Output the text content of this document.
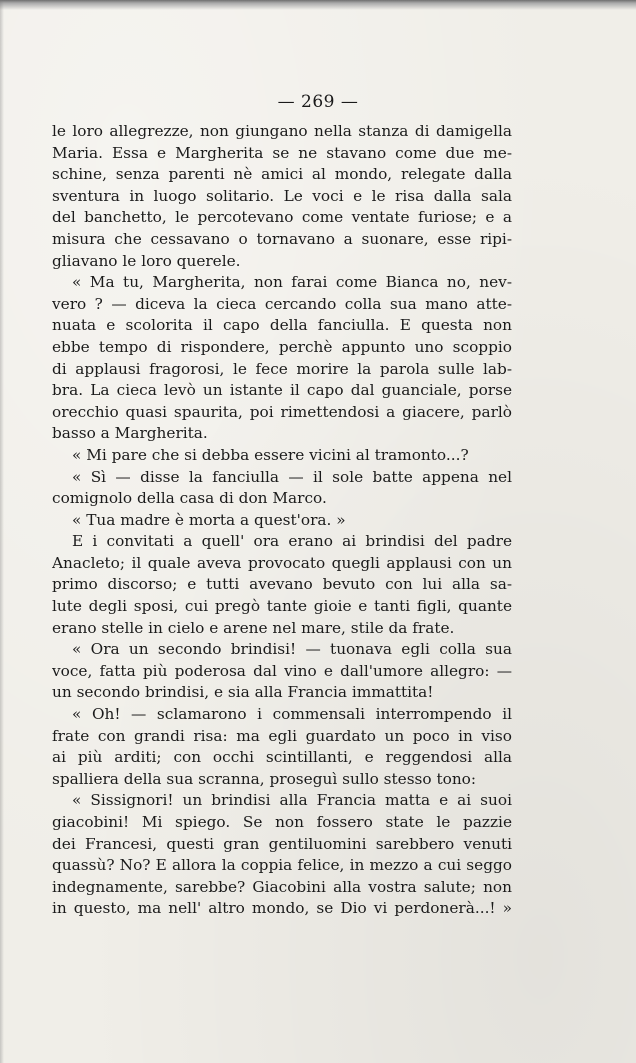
— 269 —
le loro allegrezze, non giungano nella stanza di damigella
Maria. Essa e Margherita se ne stavano come due me-
schine, senza parenti nè amici al mondo, relegate dalla
sventura in luogo solitario. Le voci e le risa dalla sala
del banchetto, le percotevano come ventate furiose; e a
misura che cessavano o tornavano a suonare, esse ripi-
gliavano le loro querele.
« Ma tu, Margherita, non farai come Bianca no, nev-
vero ? — diceva la cieca cercando colla sua mano atte-
nuata e scolorita il capo della fanciulla. E questa non
ebbe tempo di rispondere, perchè appunto uno scoppio
di applausi fragorosi, le fece morire la parola sulle lab-
bra. La cieca levò un istante il capo dal guanciale, porse
orecchio quasi spaurita, poi rimettendosi a giacere, parlò
basso a Margherita.
« Mi pare che si debba essere vicini al tramonto...?
« Sì — disse la fanciulla — il sole batte appena nel
comignolo della casa di don Marco.
« Tua madre è morta a quest'ora. »
E i convitati a quell' ora erano ai brindisi del padre
Anacleto; il quale aveva provocato quegli applausi con un
primo discorso; e tutti avevano bevuto con lui alla sa-
lute degli sposi, cui pregò tante gioie e tanti figli, quante
erano stelle in cielo e arene nel mare, stile da frate.
« Ora un secondo brindisi! — tuonava egli colla sua
voce, fatta più poderosa dal vino e dall'umore allegro: —
un secondo brindisi, e sia alla Francia immattita!
« Oh! — sclamarono i commensali interrompendo il
frate con grandi risa: ma egli guardato un poco in viso
ai più arditi; con occhi scintillanti, e reggendosi alla
spalliera della sua scranna, proseguì sullo stesso tono:
« Sissignori! un brindisi alla Francia matta e ai suoi
giacobini! Mi spiego. Se non fossero state le pazzie
dei Francesi, questi gran gentiluomini sarebbero venuti
quassù? No? E allora la coppia felice, in mezzo a cui seggo
indegnamente, sarebbe? Giacobini alla vostra salute; non
in questo, ma nell' altro mondo, se Dio vi perdonerà...! »
